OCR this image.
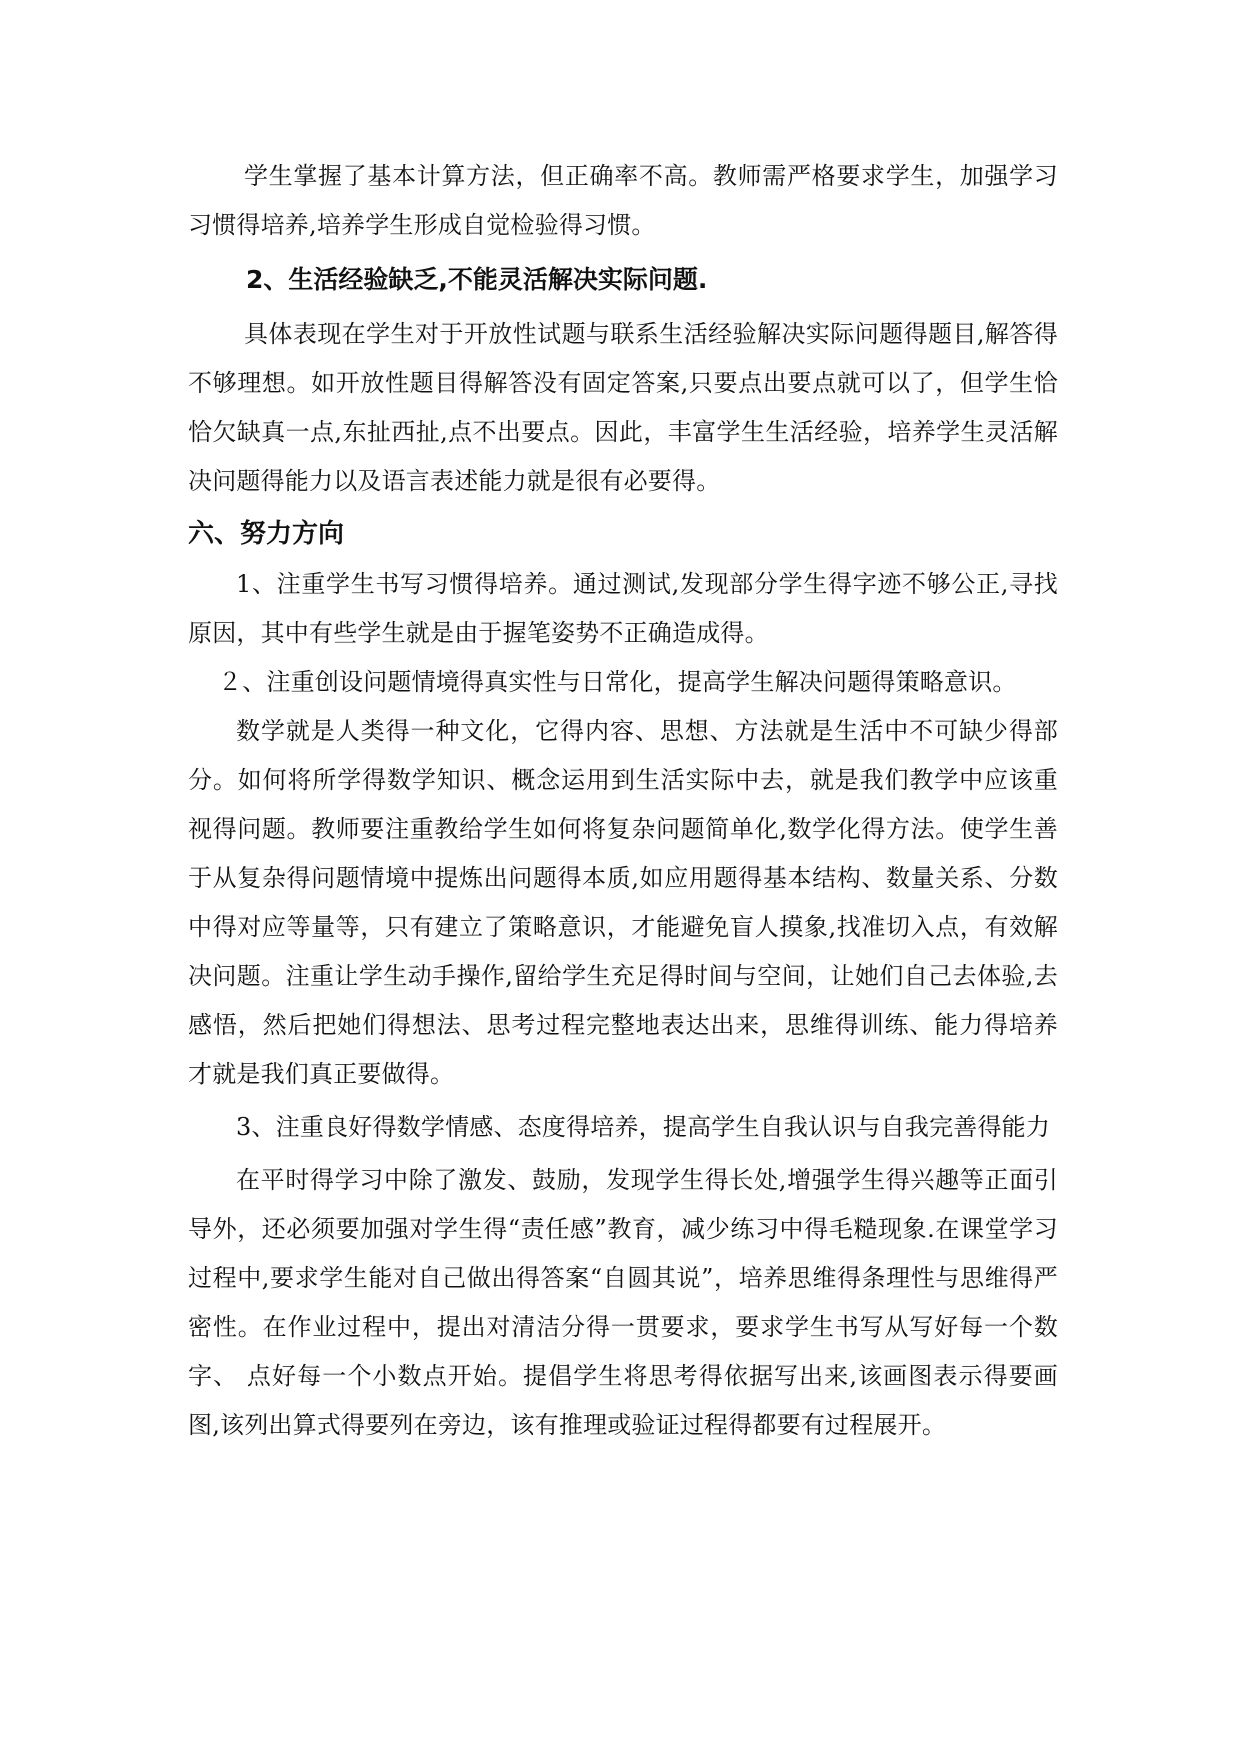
学生掌握了基本计算方法，但正确率不高。教师需严格要求学生，加强学习习惯得培养,培养学生形成自觉检验得习惯。

2、生活经验缺乏,不能灵活解决实际问题.

具体表现在学生对于开放性试题与联系生活经验解决实际问题得题目,解答得不够理想。如开放性题目得解答没有固定答案,只要点出要点就可以了，但学生恰恰欠缺真一点,东扯西扯,点不出要点。因此，丰富学生生活经验，培养学生灵活解决问题得能力以及语言表述能力就是很有必要得。

六、努力方向

1、注重学生书写习惯得培养。通过测试,发现部分学生得字迹不够公正,寻找原因，其中有些学生就是由于握笔姿势不正确造成得。

２、注重创设问题情境得真实性与日常化，提高学生解决问题得策略意识。

数学就是人类得一种文化，它得内容、思想、方法就是生活中不可缺少得部分。如何将所学得数学知识、概念运用到生活实际中去，就是我们教学中应该重视得问题。教师要注重教给学生如何将复杂问题简单化,数学化得方法。使学生善于从复杂得问题情境中提炼出问题得本质,如应用题得基本结构、数量关系、分数中得对应等量等，只有建立了策略意识，才能避免盲人摸象,找准切入点，有效解决问题。注重让学生动手操作,留给学生充足得时间与空间，让她们自己去体验,去感悟，然后把她们得想法、思考过程完整地表达出来，思维得训练、能力得培养才就是我们真正要做得。

3、注重良好得数学情感、态度得培养，提高学生自我认识与自我完善得能力

在平时得学习中除了激发、鼓励，发现学生得长处,增强学生得兴趣等正面引导外，还必须要加强对学生得“责任感”教育，减少练习中得毛糙现象.在课堂学习过程中,要求学生能对自己做出得答案“自圆其说”，培养思维得条理性与思维得严密性。在作业过程中，提出对清洁分得一贯要求，要求学生书写从写好每一个数字、 点好每一个小数点开始。提倡学生将思考得依据写出来,该画图表示得要画图,该列出算式得要列在旁边，该有推理或验证过程得都要有过程展开。
